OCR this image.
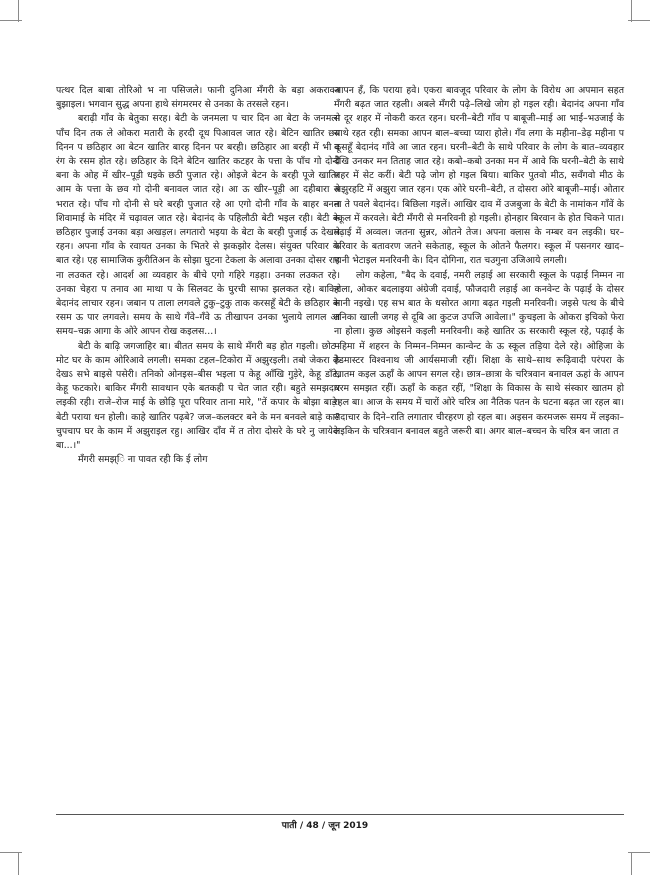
पत्थर दिल बाबा तोरिओ भ ना पसिजले। फानी दुनिआ मँगरी के बड़ा अकरावन बुझाइल। भगवान सुद्ध अपना हाथे संगमरमर से उनका के तरसले रहन।

बराढ़ी गाँव के बेतुका सरह। बेटी के जनमला प चार दिन आ बेटा के जनमला पाँच दिन तक ले ओकरा मतारी के हरदी दूध पिआवल जात रहे। बेटिन खातिर छव दिनन प छठिहार आ बेटन खातिर बारह दिनन पर बरही। छठिहार आ बरही में भी दू रंग के रसम होत रहे। छठिहार के दिने बेटिन खातिर कटहर के पत्ता के पाँच गो दोनी बना के ओह में खीर–पूड़ी धइके छठी पुजात रहे। ओइजे बेटन के बरही पूजे खातिर आम के पत्ता के छव गो दोनी बनावल जात रहे। आ ऊ खीर–पूड़ी आ दहीबारा से भरात रहे। पाँच गो दोनी से घरे बरही पुजात रहे आ एगो दोनी गाँव के बाहर बनल शिवामाई के मंदिर में चढ़ावल जात रहे। बेदानंद के पहिलौठी बेटी भइल रही। बेटी के छठिहार पुजाई उनका बड़ा अखड़ल। लगतारो भइया के बेटा के बरही पुजाई ऊ देखले रहन। अपना गाँव के रवायत उनका के भितरे से झकझोर देलस। संयुक्त परिवार के बात रहे। एह सामाजिक कुरीतिअन के सोझा घुटना टेकला के अलावा उनका दोसर राह ना लउकत रहे। आदर्श आ व्यवहार के बीचे एगो गहिरे गड़हा। उनका लउकत रहे। उनका चेहरा प तनाव आ माथा प के सिलवट के घुरची साफा झलकत रहे। बाकिर बेदानंद लाचार रहन। जबान प ताला लगवले टुकु–टुकु ताक करसहूँ बेटी के छठिहार के रसम ऊ पार लगवले। समय के साथे गँवे–गँवे ऊ तीखापन उनका भुलाये लागल आ समय–चक्र आगा के ओरे आपन रोख कइलस...।

बेटी के बाढ़ि जगजाहिर बा। बीतत समय के साथे मँगरी बड़ होत गइली। छोट–मोट घर के काम ओरिआवे लगली। समका टहल–टिकोरा में अझुरइली। तबो जेकरा के देखऽ सभे बाइसे पसेरी। तनिको ओनइस–बीस भइला प केहू आँखि गुड़ेरे, केहू डाँटे, केहू फटकारे। बाकिर मँगरी सावधान एके बतकही प चेत जात रही। बहुते समझदार लइकी रही। राजे–रोज माई के छोड़ि पूरा परिवार ताना मारे, "तें कपार के बोझा बाड़े। बेटी पराया धन होली। काहे खातिर पढ़बे? जज–कलक्टर बने के मन बनवले बाड़े का? चुपचाप घर के काम में अझुराइल रहु। आखिर दाँव में त तोरा दोसरे के घरे नु जायेके बा...।"

मँगरी समझ्ि ना पावत रही कि ई लोग

आपन हँ, कि पराया हवे। एकरा बावजूद परिवार के लोग के विरोध आ अपमान सहत मँगरी बढ़त जात रहली। अबले मँगरी पढ़े–लिखे जोग हो गइल रही। बेदानंद अपना गाँव से दूर शहर में नोकरी करत रहन। घरनी–बेटी गाँव प बाबूजी–माई आ भाई–भउजाई के साथे रहत रही। समका आपन बाल–बच्चा प्यारा होले। गँव लगा के महीना–डेढ़ महीना प कसहूँ बेदानंद गाँवे आ जात रहन। घरनी–बेटी के साथे परिवार के लोग के बात–व्यवहार देखि उनकर मन तिताह जात रहे। कबो–कबो उनका मन में आवे कि घरनी–बेटी के साथे शहर में सेट करीं। बेटी पढ़े जोग हो गइल बिया। बाकिर पुतवो मीठ, सवँगवो मीठ के अझुरहटि में अझुरा जात रहन। एक ओरे घरनी–बेटी, त दोसरा ओरे बाबूजी–माई। ओतार ना ते पवले बेदानंद। बिछिला गइलें। आखिर दाव में उजबुजा के बेटी के नामांकन गाँवें के स्कूल में करवले। बेटी मँगरी से मनरिवनी हो गइली। होनहार बिरवान के होत चिकने पात। पढ़ाई में अव्वल। जतना सुन्नर, ओतने तेज। अपना क्लास के नम्बर वन लइकी। घर–परिवार के बतावरण जतने सकेताह, स्कूल के ओतने फैलगर। स्कूल में पसनगर खाद–पानी भेटाइल मनरिवनी के। दिन दोगिना, रात चउगुना उजिआये लगली।

लोग कहेला, "बैद के दवाई, नमरी लड़ाई आ सरकारी स्कूल के पढ़ाई निम्मन ना होला, ओकर बदलाइया अंग्रेजी दवाई, फौजदारी लड़ाई आ कनवेन्ट के पढ़ाई के दोसर सानी नइखे। एह सभ बात के धसोरत आगा बढ़त गइली मनरिवनी। जइसे पत्थ के बीचे तनिका खाली जगह से दूबि आ कुटज उपजि आवेला।" कुचइला के ओकरा इचिको फेरा ना होला। कुछ ओइसने कइली मनरिवनी। कहे खातिर ऊ सरकारी स्कूल रहे, पढ़ाई के महिमा में शहरन के निम्मन–निम्मन कान्वेन्ट के ऊ स्कूल तड़िया देले रहे। ओहिजा के हेडमास्टर विश्वनाथ जी आर्यसमाजी रहीं। शिक्षा के साथे–साथ रूढ़िवादी परंपरा के खातम कइल ऊहाँ के आपन सगल रहे। छात्र–छात्रा के चरित्रवान बनावल ऊहां के आपन धरम समझत रहीं। ऊहाँ के कहत रहीं, "शिक्षा के विकास के साथे संस्कार खातम हो रहल बा। आज के समय में चारों ओरे चरित्र आ नैतिक पतन के घटना बढ़त जा रहल बा। सदाचार के दिने–राति लगातार चीरहरण हो रहल बा। अइसन करमजरू समय में लइका–लइकिन के चरित्रवान बनावल बहुते जरूरी बा। अगर बाल–बच्चन के चरित्र बन जाता त

पाती / 48 / जून 2019
